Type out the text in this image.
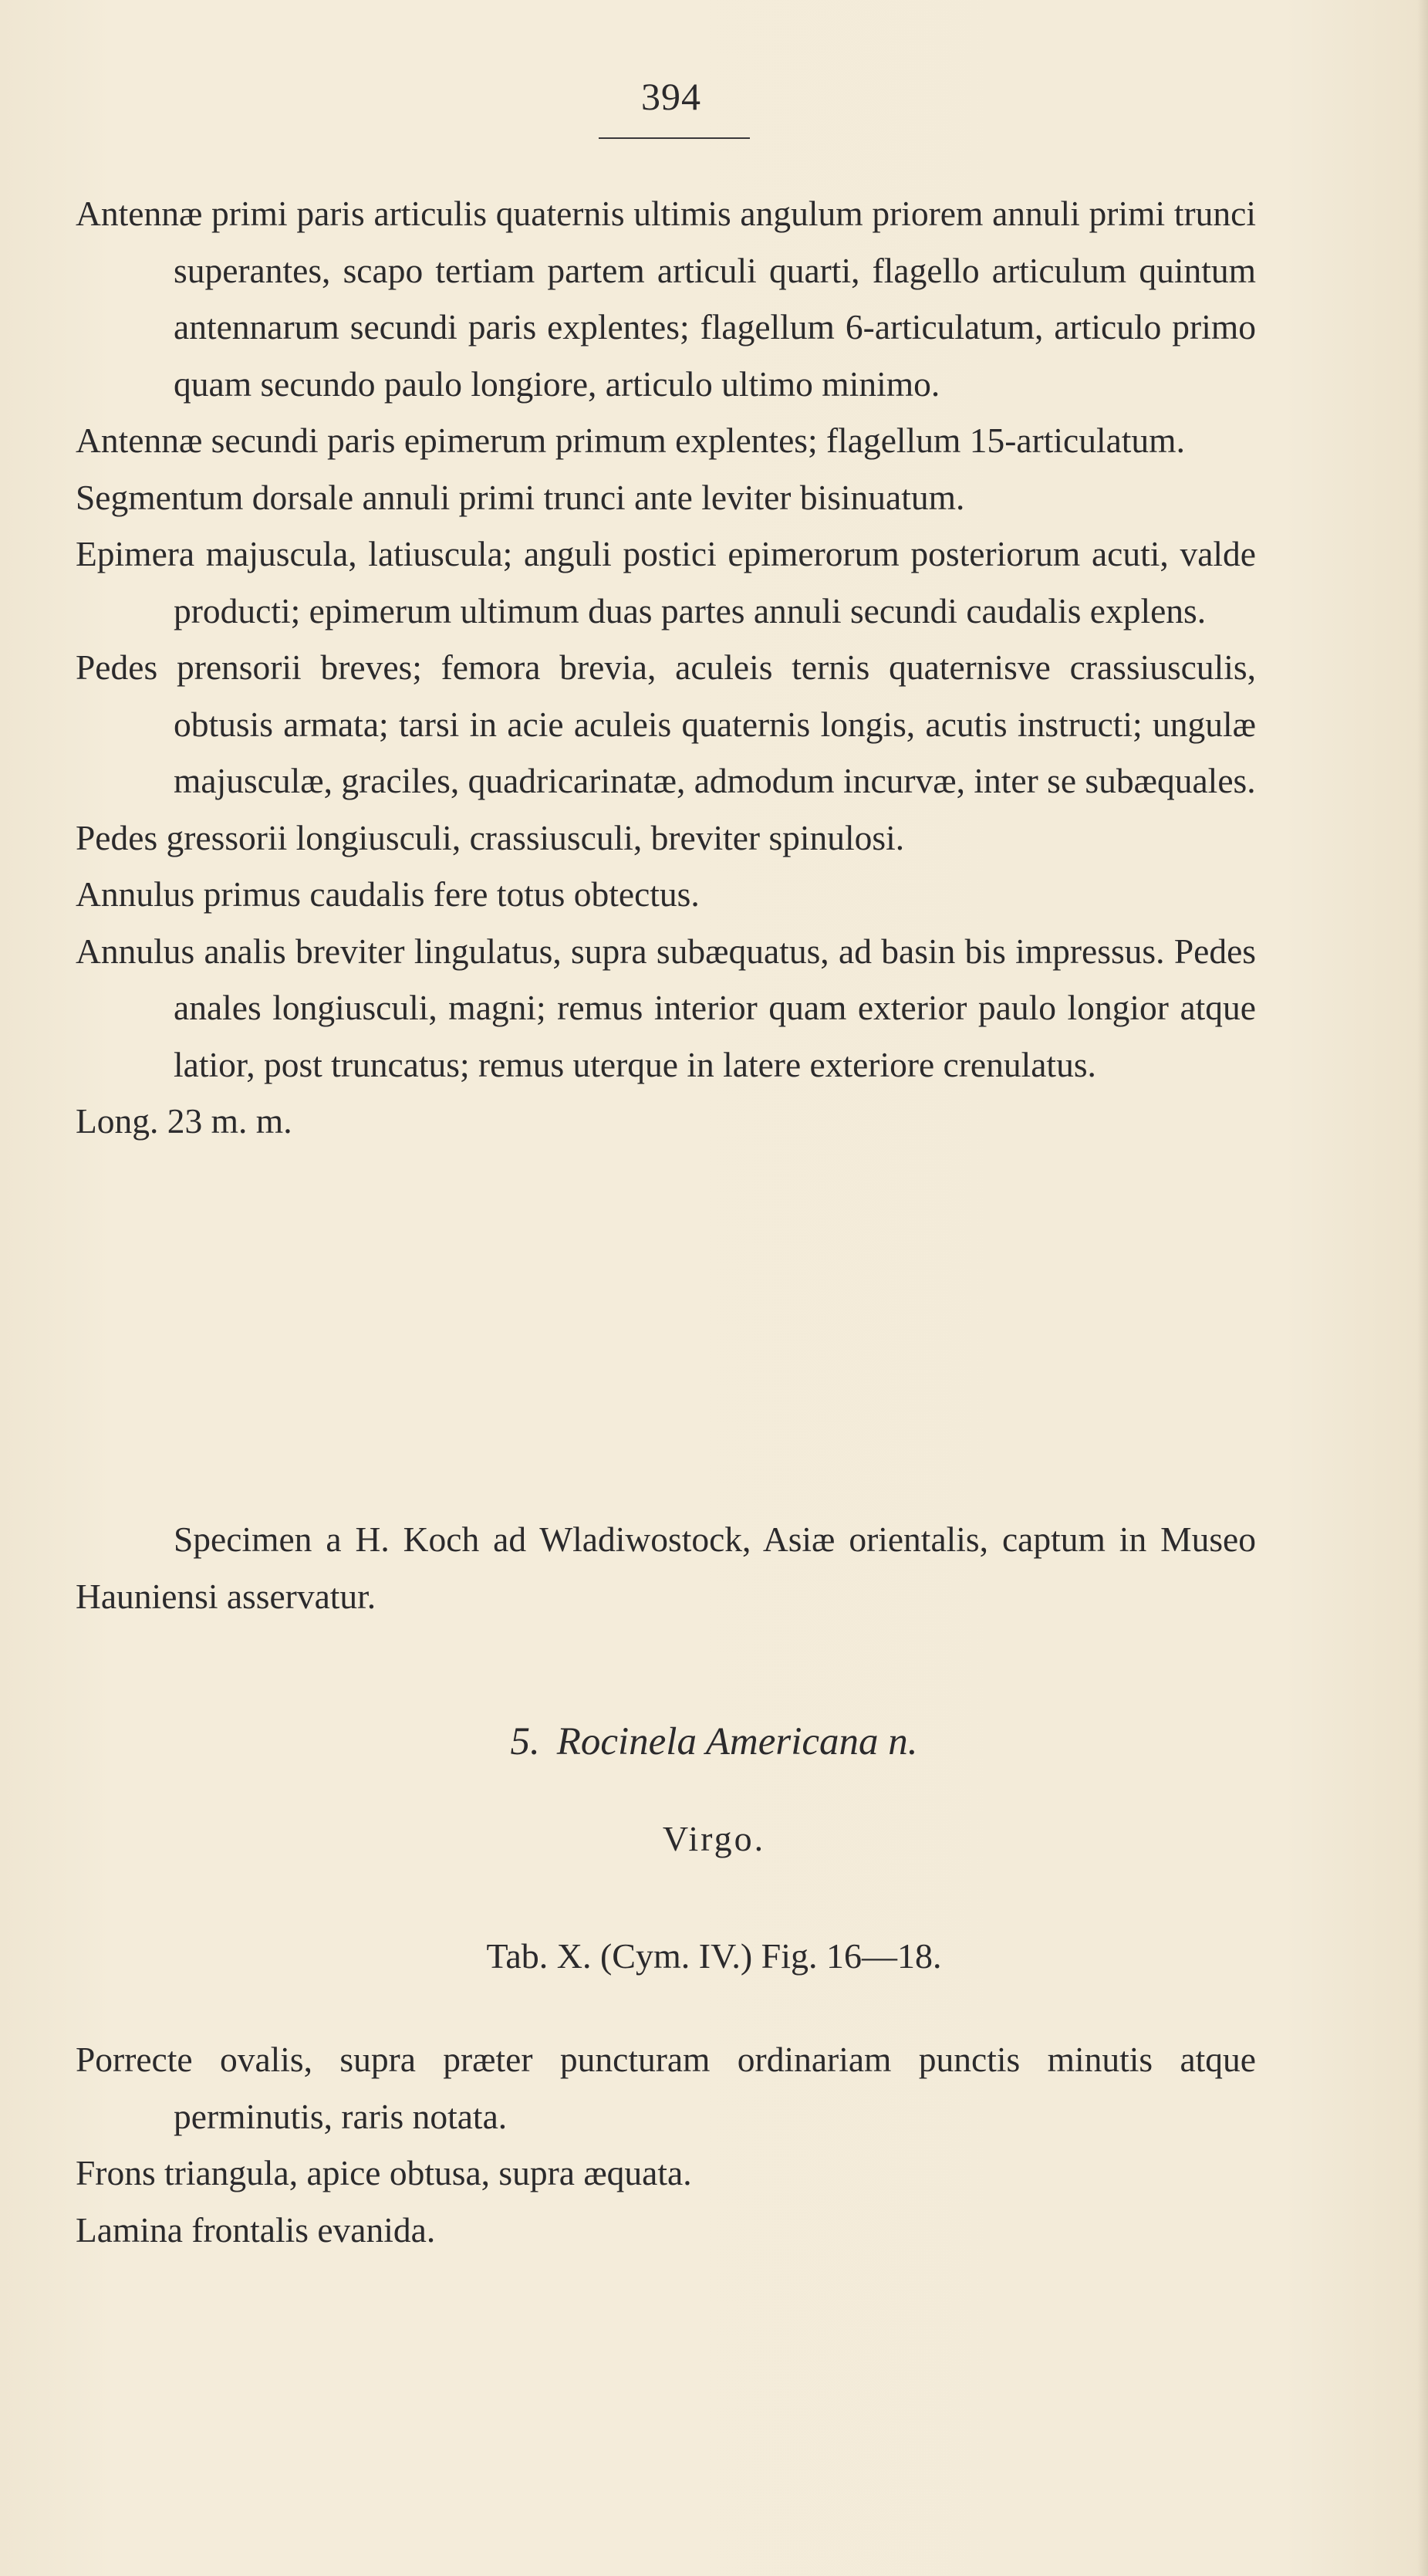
394

Antennæ primi paris articulis quaternis ultimis angulum priorem annuli primi trunci superantes, scapo tertiam partem articuli quarti, flagello articulum quintum antennarum secundi paris explentes; flagellum 6-articulatum, articulo primo quam secundo paulo longiore, articulo ultimo minimo.

Antennæ secundi paris epimerum primum explentes; flagellum 15-articulatum.

Segmentum dorsale annuli primi trunci ante leviter bisinuatum.

Epimera majuscula, latiuscula; anguli postici epimerorum posteriorum acuti, valde producti; epimerum ultimum duas partes annuli secundi caudalis explens.

Pedes prensorii breves; femora brevia, aculeis ternis quaternisve crassiusculis, obtusis armata; tarsi in acie aculeis quaternis longis, acutis instructi; ungulæ majusculæ, graciles, quadricarinatæ, admodum incurvæ, inter se subæquales.

Pedes gressorii longiusculi, crassiusculi, breviter spinulosi.

Annulus primus caudalis fere totus obtectus.

Annulus analis breviter lingulatus, supra subæquatus, ad basin bis impressus. Pedes anales longiusculi, magni; remus interior quam exterior paulo longior atque latior, post truncatus; remus uterque in latere exteriore crenulatus.

Long. 23 m. m.

Specimen a H. Koch ad Wladiwostock, Asiæ orientalis, captum in Museo Hauniensi asservatur.
5. Rocinela Americana n.
Virgo.
Tab. X. (Cym. IV.) Fig. 16—18.

Porrecte ovalis, supra præter puncturam ordinariam punctis minutis atque perminutis, raris notata.

Frons triangula, apice obtusa, supra æquata.

Lamina frontalis evanida.
